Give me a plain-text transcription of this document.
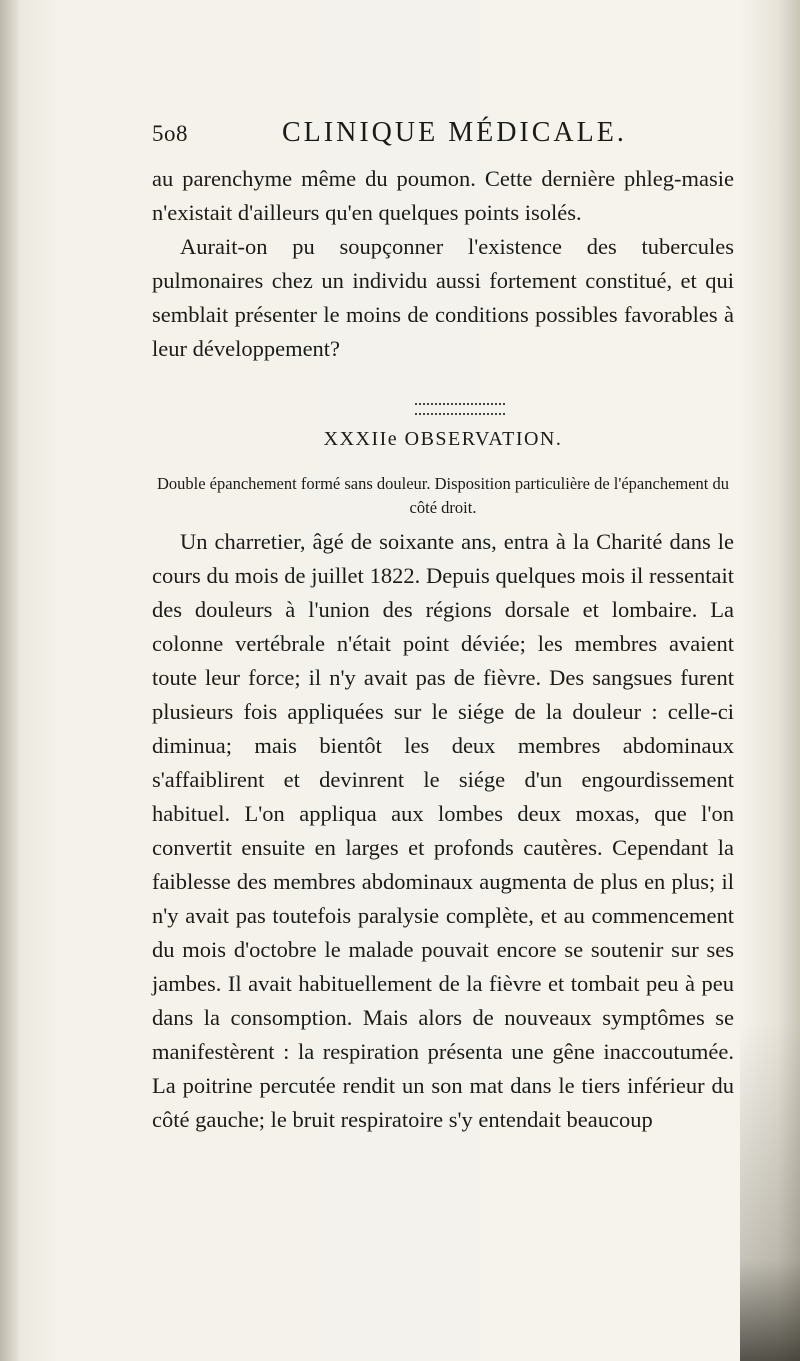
5o8	CLINIQUE MÉDICALE.

au parenchyme même du poumon. Cette dernière phleg-masie n'existait d'ailleurs qu'en quelques points isolés.

Aurait-on pu soupçonner l'existence des tubercules pulmonaires chez un individu aussi fortement constitué, et qui semblait présenter le moins de conditions possibles favorables à leur développement?

XXXIIe OBSERVATION.
Double épanchement formé sans douleur. Disposition particulière de l'épanchement du côté droit.

Un charretier, âgé de soixante ans, entra à la Charité dans le cours du mois de juillet 1822. Depuis quelques mois il ressentait des douleurs à l'union des régions dorsale et lombaire. La colonne vertébrale n'était point déviée; les membres avaient toute leur force; il n'y avait pas de fièvre. Des sangsues furent plusieurs fois appliquées sur le siége de la douleur : celle-ci diminua; mais bientôt les deux membres abdominaux s'affaiblirent et devinrent le siége d'un engourdissement habituel. L'on appliqua aux lombes deux moxas, que l'on convertit ensuite en larges et profonds cautères. Cependant la faiblesse des membres abdominaux augmenta de plus en plus; il n'y avait pas toutefois paralysie complète, et au commencement du mois d'octobre le malade pouvait encore se soutenir sur ses jambes. Il avait habituellement de la fièvre et tombait peu à peu dans la consomption. Mais alors de nouveaux symptômes se manifestèrent : la respiration présenta une gêne inaccoutumée. La poitrine percutée rendit un son mat dans le tiers inférieur du côté gauche; le bruit respiratoire s'y entendait beaucoup
